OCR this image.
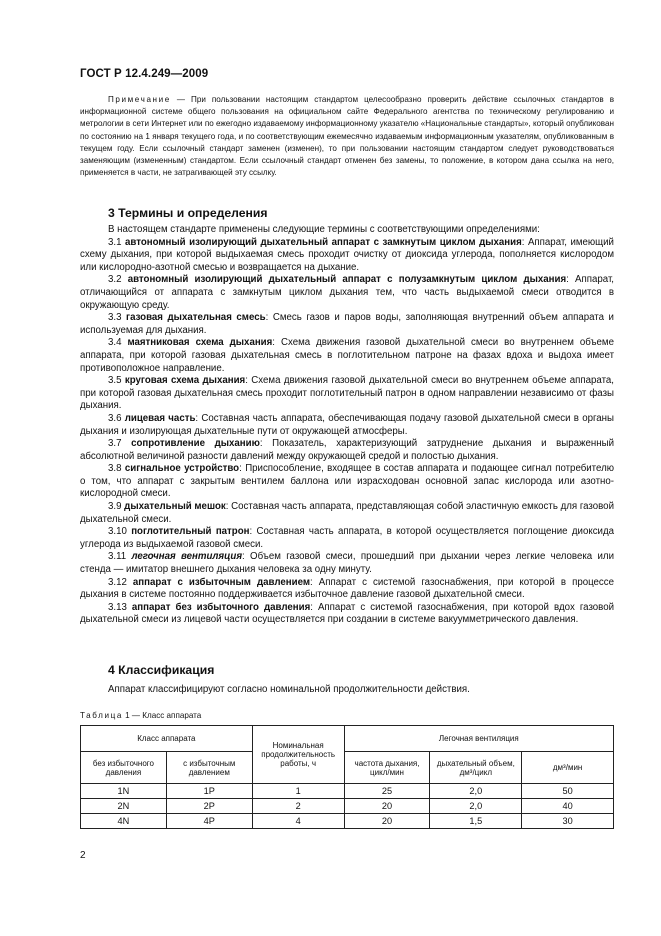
ГОСТ Р 12.4.249—2009
Примечание — При пользовании настоящим стандартом целесообразно проверить действие ссылочных стандартов в информационной системе общего пользования на официальном сайте Федерального агентства по техническому регулированию и метрологии в сети Интернет или по ежегодно издаваемому информационному указателю «Национальные стандарты», который опубликован по состоянию на 1 января текущего года, и по соответствующим ежемесячно издаваемым информационным указателям, опубликованным в текущем году. Если ссылочный стандарт заменен (изменен), то при пользовании настоящим стандартом следует руководствоваться заменяющим (измененным) стандартом. Если ссылочный стандарт отменен без замены, то положение, в котором дана ссылка на него, применяется в части, не затрагивающей эту ссылку.
3 Термины и определения

В настоящем стандарте применены следующие термины с соответствующими определениями:

3.1 автономный изолирующий дыхательный аппарат с замкнутым циклом дыхания: Аппарат, имеющий схему дыхания, при которой выдыхаемая смесь проходит очистку от диоксида углерода, пополняется кислородом или кислородно-азотной смесью и возвращается на дыхание.

3.2 автономный изолирующий дыхательный аппарат с полузамкнутым циклом дыхания: Аппарат, отличающийся от аппарата с замкнутым циклом дыхания тем, что часть выдыхаемой смеси отводится в окружающую среду.

3.3 газовая дыхательная смесь: Смесь газов и паров воды, заполняющая внутренний объем аппарата и используемая для дыхания.

3.4 маятниковая схема дыхания: Схема движения газовой дыхательной смеси во внутреннем объеме аппарата, при которой газовая дыхательная смесь в поглотительном патроне на фазах вдоха и выдоха имеет противоположное направление.

3.5 круговая схема дыхания: Схема движения газовой дыхательной смеси во внутреннем объеме аппарата, при которой газовая дыхательная смесь проходит поглотительный патрон в одном направлении независимо от фазы дыхания.

3.6 лицевая часть: Составная часть аппарата, обеспечивающая подачу газовой дыхательной смеси в органы дыхания и изолирующая дыхательные пути от окружающей атмосферы.

3.7 сопротивление дыханию: Показатель, характеризующий затруднение дыхания и выраженный абсолютной величиной разности давлений между окружающей средой и полостью дыхания.

3.8 сигнальное устройство: Приспособление, входящее в состав аппарата и подающее сигнал потребителю о том, что аппарат с закрытым вентилем баллона или израсходован основной запас кислорода или азотно-кислородной смеси.

3.9 дыхательный мешок: Составная часть аппарата, представляющая собой эластичную емкость для газовой дыхательной смеси.

3.10 поглотительный патрон: Составная часть аппарата, в которой осуществляется поглощение диоксида углерода из выдыхаемой газовой смеси.

3.11 легочная вентиляция: Объем газовой смеси, прошедший при дыхании через легкие человека или стенда — имитатор внешнего дыхания человека за одну минуту.

3.12 аппарат с избыточным давлением: Аппарат с системой газоснабжения, при которой в процессе дыхания в системе постоянно поддерживается избыточное давление газовой дыхательной смеси.

3.13 аппарат без избыточного давления: Аппарат с системой газоснабжения, при которой вдох газовой дыхательной смеси из лицевой части осуществляется при создании в системе вакуумметрического давления.

4 Классификация
Аппарат классифицируют согласно номинальной продолжительности действия.
Таблица 1 — Класс аппарата
Класс аппарата		Номинальная продолжительность работы, ч	Легочная вентиляция		
без избыточного давления	с избыточным давлением		частота дыхания, цикл/мин	дыхательный объем, дм³/цикл	дм³/мин
1N	1P	1	25	2,0	50
2N	2P	2	20	2,0	40
4N	4P	4	20	1,5	30
2
